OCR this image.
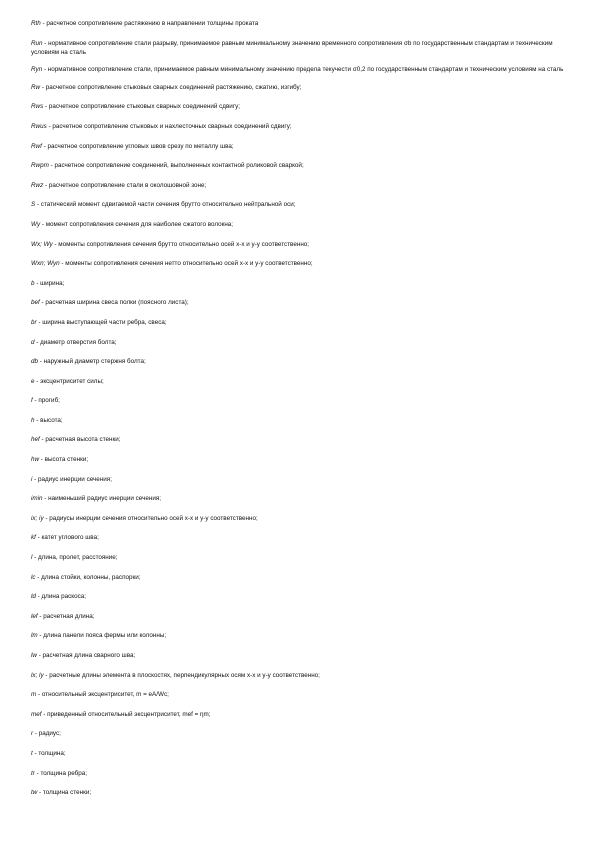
Rth - расчетное сопротивление растяжению в направлении толщины проката
Run - нормативное сопротивление стали разрыву, принимаемое равным минимальному значению временного сопротивления σb по государственным стандартам и техническим условиям на сталь
Ryn - нормативное сопротивление стали, принимаемое равным минимальному значению предела текучести σ0,2 по государственным стандартам и техническим условиям на сталь
Rw - расчетное сопротивление стыковых сварных соединений растяжению, сжатию, изгибу;
Rws - расчетное сопротивление стыковых сварных соединений сдвигу;
Rwus - расчетное сопротивление стыковых и нахлесточных сварных соединений сдвигу;
Rwf - расчетное сопротивление угловых швов срезу по металлу шва;
Rwpm - расчетное сопротивление соединений, выполненных контактной роликовой сваркой;
Rwz - расчетное сопротивление стали в околошовной зоне;
S - статический момент сдвигаемой части сечения брутто относительно нейтральной оси;
Wy - момент сопротивления сечения для наиболее сжатого волокна;
Wx; Wy - моменты сопротивления сечения брутто относительно осей x-x и y-y соответственно;
Wxn; Wyn - моменты сопротивления сечения нетто относительно осей x-x и y-y соответственно;
b - ширина;
bef - расчетная ширина свеса полки (поясного листа);
br - ширина выступающей части ребра, свеса;
d - диаметр отверстия болта;
db - наружный диаметр стержня болта;
e - эксцентриситет силы;
f - прогиб;
h - высота;
hef - расчетная высота стенки;
hw - высота стенки;
i - радиус инерции сечения;
imin - наименьший радиус инерции сечения;
ix; iy - радиусы инерции сечения относительно осей x-x и y-y соответственно;
kf - катет углового шва;
l - длина, пролет, расстояние;
lc - длина стойки, колонны, распорки;
ld - длина раскоса;
lef - расчетная длина;
lm - длина панели пояса фермы или колонны;
lw - расчетная длина сварного шва;
lx; ly - расчетные длины элемента в плоскостях, перпендикулярных осям x-x и y-y соответственно;
m - относительный эксцентриситет, m = eA/Wc;
mef - приведенный относительный эксцентриситет, mef = ηm;
r - радиус;
t - толщина;
tr - толщина ребра;
tw - толщина стенки;
